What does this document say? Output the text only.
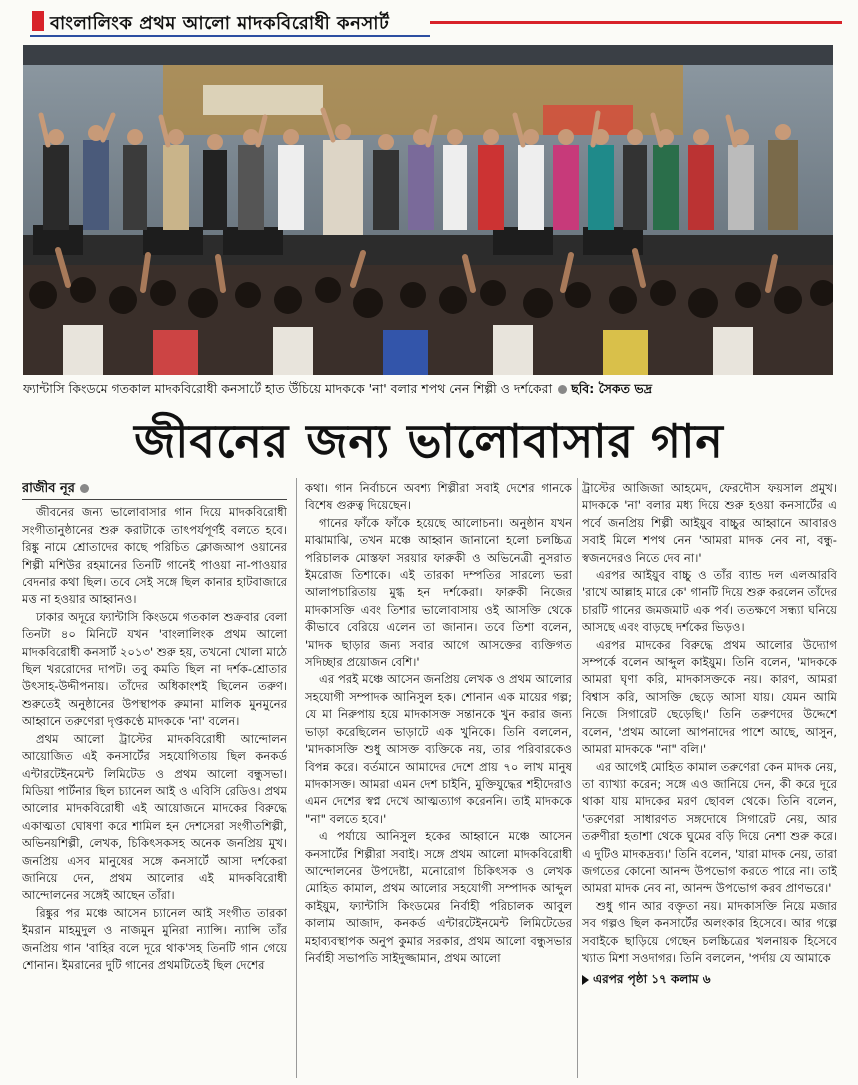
বাংলালিংক প্রথম আলো মাদকবিরোধী কনসার্ট
ফ্যান্টাসি কিংডমে গতকাল মাদকবিরোধী কনসার্টে হাত উঁচিয়ে মাদককে 'না' বলার শপথ নেন শিল্পী ও দর্শকেরা ছবি: সৈকত ভদ্র
জীবনের জন্য ভালোবাসার গান
রাজীব নূর

জীবনের জন্য ভালোবাসার গান দিয়ে মাদকবিরোধী সংগীতানুষ্ঠানের শুরু করাটাকে তাৎপর্যপূর্ণই বলতে হবে। রিঙ্কু নামে শ্রোতাদের কাছে পরিচিত ক্লোজআপ ওয়ানের শিল্পী মশিউর রহমানের তিনটি গানেই পাওয়া না-পাওয়ার বেদনার কথা ছিল। তবে সেই সঙ্গে ছিল কানার হাটবাজারে মত্ত না হওয়ার আহ্বানও।

ঢাকার অদূরে ফ্যান্টাসি কিংডমে গতকাল শুক্রবার বেলা তিনটা ৪০ মিনিটে যখন 'বাংলালিংক প্রথম আলো মাদকবিরোধী কনসার্ট ২০১৩' শুরু হয়, তখনো খোলা মাঠে ছিল খররোদের দাপট। তবু কমতি ছিল না দর্শক-শ্রোতার উৎসাহ-উদ্দীপনায়। তাঁদের অধিকাংশই ছিলেন তরুণ। শুরুতেই অনুষ্ঠানের উপস্থাপক রুমানা মালিক মুনমুনের আহ্বানে তরুণেরা দৃপ্তকণ্ঠে মাদককে 'না' বলেন।

প্রথম আলো ট্রাস্টের মাদকবিরোধী আন্দোলন আয়োজিত এই কনসার্টের সহযোগিতায় ছিল কনকর্ড এন্টারটেইনমেন্ট লিমিটেড ও প্রথম আলো বন্ধুসভা। মিডিয়া পার্টনার ছিল চ্যানেল আই ও এবিসি রেডিও। প্রথম আলোর মাদকবিরোধী এই আয়োজনে মাদকের বিরুদ্ধে একাত্মতা ঘোষণা করে শামিল হন দেশসেরা সংগীতশিল্পী, অভিনয়শিল্পী, লেখক, চিকিৎসকসহ অনেক জনপ্রিয় মুখ। জনপ্রিয় এসব মানুষের সঙ্গে কনসার্টে আসা দর্শকেরা জানিয়ে দেন, প্রথম আলোর এই মাদকবিরোধী আন্দোলনের সঙ্গেই আছেন তাঁরা।

রিঙ্কুর পর মঞ্চে আসেন চ্যানেল আই সংগীত তারকা ইমরান মাহমুদুল ও নাজমুন মুনিরা ন্যান্সি। ন্যান্সি তাঁর জনপ্রিয় গান 'বাহির বলে দূরে থাক'সহ তিনটি গান গেয়ে শোনান। ইমরানের দুটি গানের প্রথমটিতেই ছিল দেশের

কথা। গান নির্বাচনে অবশ্য শিল্পীরা সবাই দেশের গানকে বিশেষ গুরুত্ব দিয়েছেন।

গানের ফাঁকে ফাঁকে হয়েছে আলোচনা। অনুষ্ঠান যখন মাঝামাঝি, তখন মঞ্চে আহ্বান জানানো হলো চলচ্চিত্র পরিচালক মোস্তফা সরয়ার ফারুকী ও অভিনেত্রী নুসরাত ইমরোজ তিশাকে। এই তারকা দম্পতির সারল্যে ভরা আলাপচারিতায় মুগ্ধ হন দর্শকেরা। ফারুকী নিজের মাদকাসক্তি এবং তিশার ভালোবাসায় ওই আসক্তি থেকে কীভাবে বেরিয়ে এলেন তা জানান। তবে তিশা বলেন, 'মাদক ছাড়ার জন্য সবার আগে আসক্তের ব্যক্তিগত সদিচ্ছার প্রয়োজন বেশি।'

এর পরই মঞ্চে আসেন জনপ্রিয় লেখক ও প্রথম আলোর সহযোগী সম্পাদক আনিসুল হক। শোনান এক মায়ের গল্প; যে মা নিরুপায় হয়ে মাদকাসক্ত সন্তানকে খুন করার জন্য ভাড়া করেছিলেন ভাড়াটে এক খুনিকে। তিনি বললেন, 'মাদকাসক্তি শুধু আসক্ত ব্যক্তিকে নয়, তার পরিবারকেও বিপন্ন করে। বর্তমানে আমাদের দেশে প্রায় ৭০ লাখ মানুষ মাদকাসক্ত। আমরা এমন দেশ চাইনি, মুক্তিযুদ্ধের শহীদেরাও এমন দেশের স্বপ্ন দেখে আত্মত্যাগ করেননি। তাই মাদককে "না" বলতে হবে।'

এ পর্যায়ে আনিসুল হকের আহ্বানে মঞ্চে আসেন কনসার্টের শিল্পীরা সবাই। সঙ্গে প্রথম আলো মাদকবিরোধী আন্দোলনের উপদেষ্টা, মনোরোগ চিকিৎসক ও লেখক মোহিত কামাল, প্রথম আলোর সহযোগী সম্পাদক আব্দুল কাইয়ুম, ফ্যান্টাসি কিংডমের নির্বাহী পরিচালক আবুল কালাম আজাদ, কনকর্ড এন্টারটেইনমেন্ট লিমিটেডের মহাব্যবস্থাপক অনুপ কুমার সরকার, প্রথম আলো বন্ধুসভার নির্বাহী সভাপতি সাইদুজ্জামান, প্রথম আলো

ট্রাস্টের আজিজা আহমেদ, ফেরদৌস ফয়সাল প্রমুখ। মাদককে 'না' বলার মধ্য দিয়ে শুরু হওয়া কনসার্টের এ পর্বে জনপ্রিয় শিল্পী আইয়ুব বাচ্চুর আহ্বানে আবারও সবাই মিলে শপথ নেন 'আমরা মাদক নেব না, বন্ধু-স্বজনদেরও নিতে দেব না।'

এরপর আইয়ুব বাচ্চু ও তাঁর ব্যান্ড দল এলআরবি 'রাখে আল্লাহ মারে কে' গানটি দিয়ে শুরু করলেন তাঁদের চারটি গানের জমজমাট এক পর্ব। ততক্ষণে সন্ধ্যা ঘনিয়ে আসছে এবং বাড়ছে দর্শকের ভিড়ও।

এরপর মাদকের বিরুদ্ধে প্রথম আলোর উদ্যোগ সম্পর্কে বলেন আব্দুল কাইয়ুম। তিনি বলেন, 'মাদককে আমরা ঘৃণা করি, মাদকাসক্তকে নয়। কারণ, আমরা বিশ্বাস করি, আসক্তি ছেড়ে আসা যায়। যেমন আমি নিজে সিগারেট ছেড়েছি।' তিনি তরুণদের উদ্দেশে বলেন, 'প্রথম আলো আপনাদের পাশে আছে, আসুন, আমরা মাদককে "না" বলি।'

এর আগেই মোহিত কামাল তরুণেরা কেন মাদক নেয়, তা ব্যাখ্যা করেন; সঙ্গে এও জানিয়ে দেন, কী করে দূরে থাকা যায় মাদকের মরণ ছোবল থেকে। তিনি বলেন, 'তরুণেরা সাধারণত সঙ্গদোষে সিগারেট নেয়, আর তরুণীরা হতাশা থেকে ঘুমের বড়ি দিয়ে নেশা শুরু করে। এ দুটিও মাদকদ্রব্য।' তিনি বলেন, 'যারা মাদক নেয়, তারা জগতের কোনো আনন্দ উপভোগ করতে পারে না। তাই আমরা মাদক নেব না, আনন্দ উপভোগ করব প্রাণভরে।'

শুধু গান আর বক্তৃতা নয়। মাদকাসক্তি নিয়ে মজার সব গল্পও ছিল কনসার্টের অলংকার হিসেবে। আর গল্পে সবাইকে ছাড়িয়ে গেছেন চলচ্চিত্রের খলনায়ক হিসেবে খ্যাত মিশা সওদাগর। তিনি বললেন, 'পর্দায় যে আমাকে

এরপর পৃষ্ঠা ১৭ কলাম ৬
